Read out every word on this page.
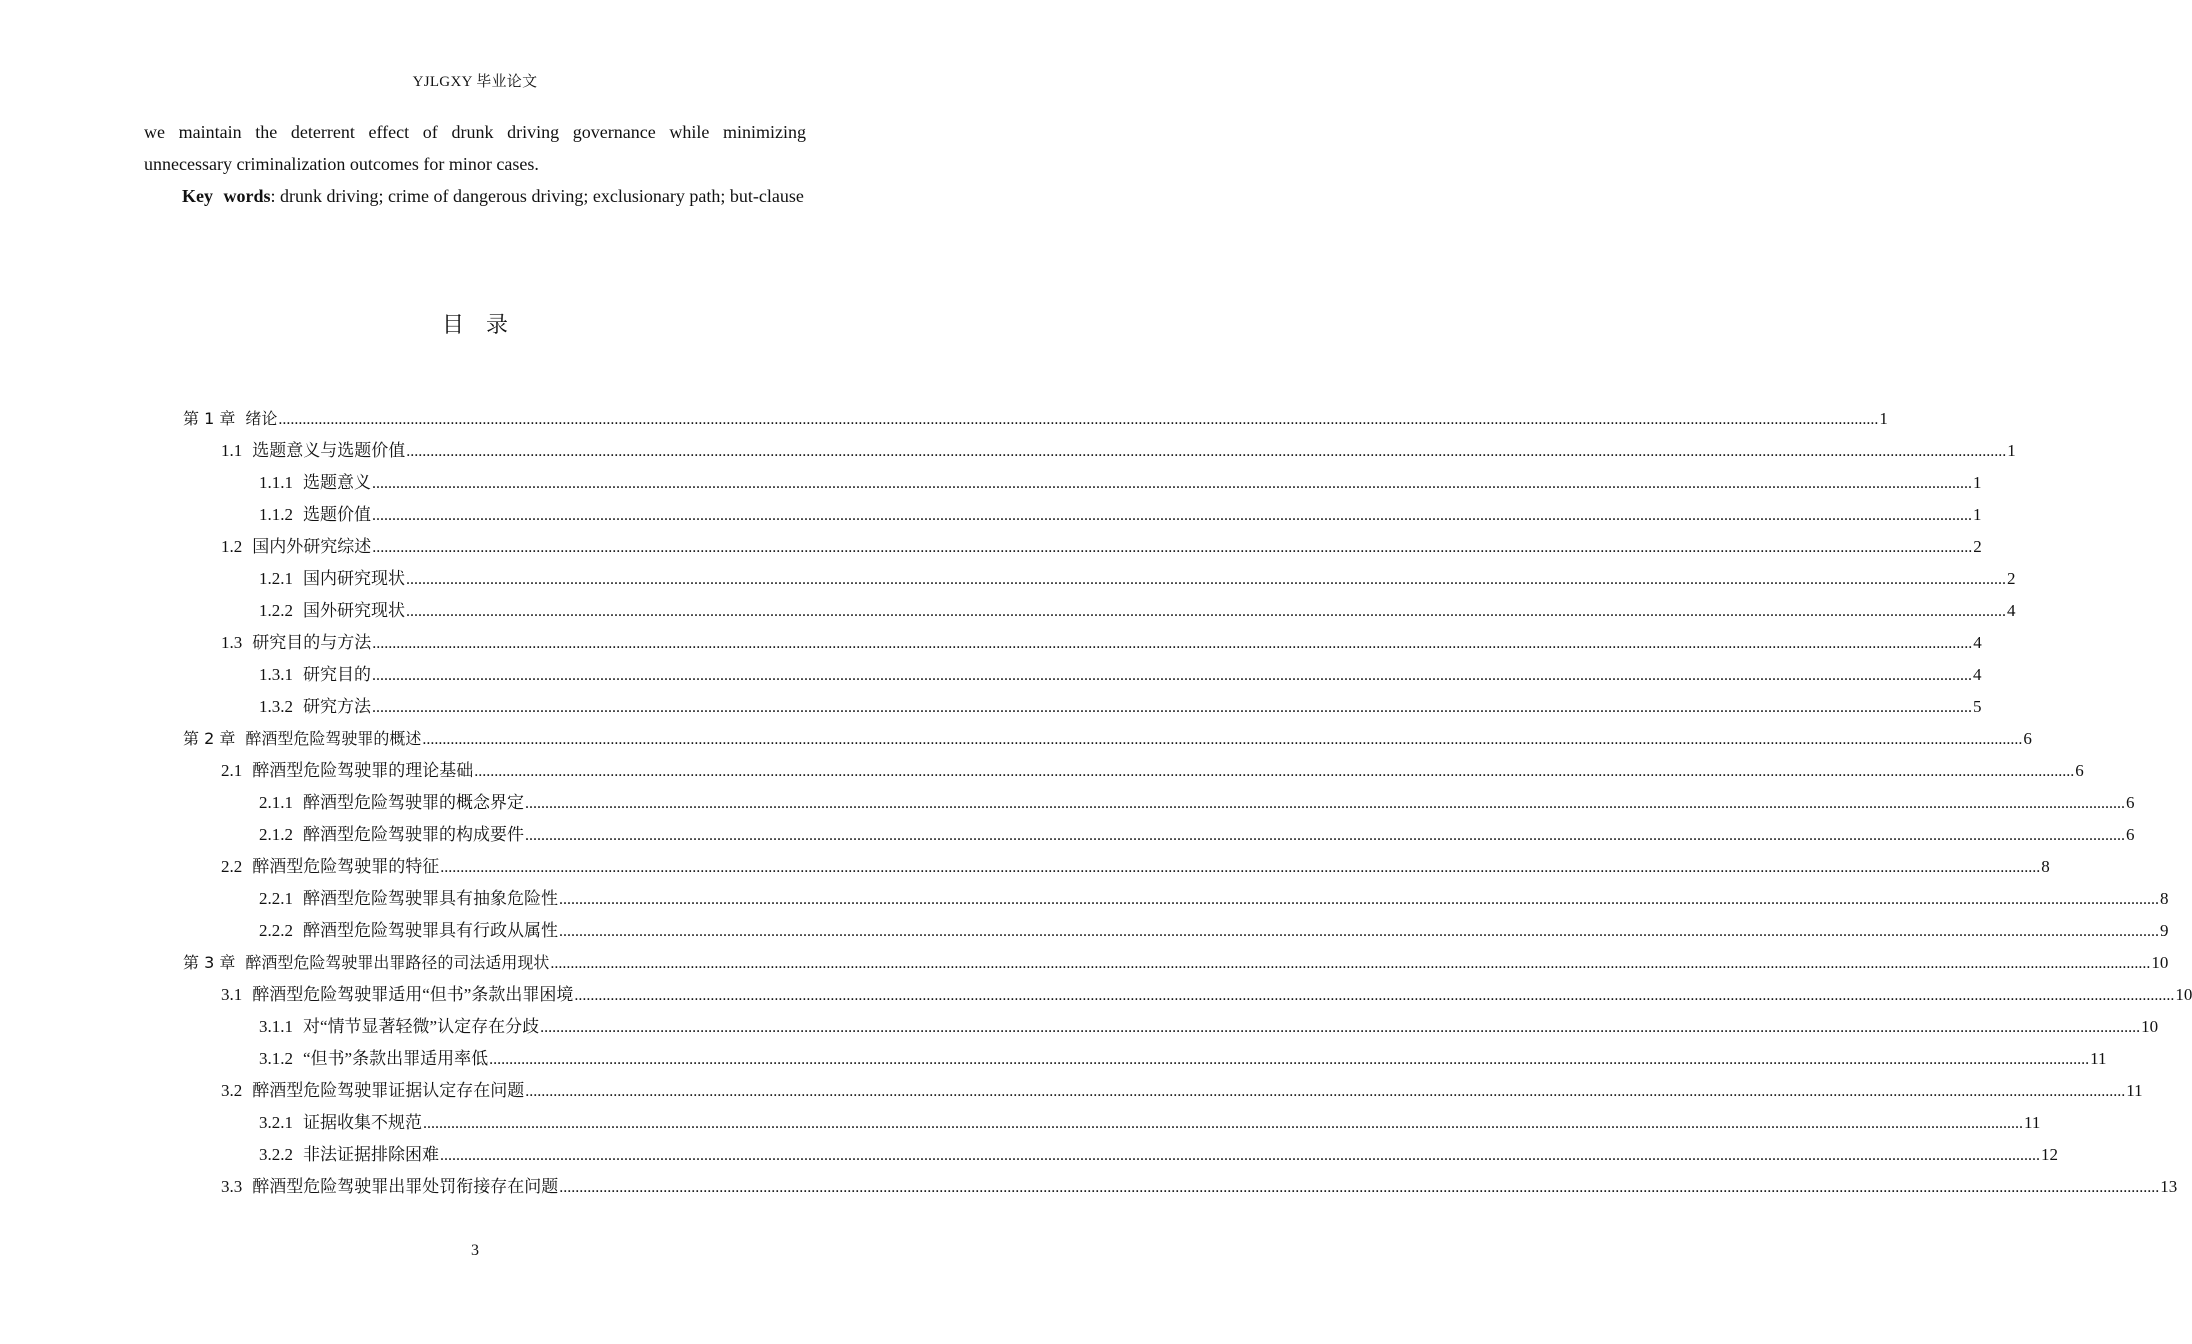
YJLGXY 毕业论文

we maintain the deterrent effect of drunk driving governance while minimizing unnecessary criminalization outcomes for minor cases.

Key words: drunk driving; crime of dangerous driving; exclusionary path; but-clause

目录
第 1 章 绪论 ................................................................................................................................................................................................................................................................................................................................................................................................................ 1
1.1 选题意义与选题价值 ................................................................................................................................................................................................................................................................................................................................................................................................................ 1
1.1.1 选题意义 ................................................................................................................................................................................................................................................................................................................................................................................................................ 1
1.1.2 选题价值 ................................................................................................................................................................................................................................................................................................................................................................................................................ 1
1.2 国内外研究综述 ................................................................................................................................................................................................................................................................................................................................................................................................................ 2
1.2.1 国内研究现状 ................................................................................................................................................................................................................................................................................................................................................................................................................ 2
1.2.2 国外研究现状 ................................................................................................................................................................................................................................................................................................................................................................................................................ 4
1.3 研究目的与方法 ................................................................................................................................................................................................................................................................................................................................................................................................................ 4
1.3.1 研究目的 ................................................................................................................................................................................................................................................................................................................................................................................................................ 4
1.3.2 研究方法 ................................................................................................................................................................................................................................................................................................................................................................................................................ 5
第 2 章 醉酒型危险驾驶罪的概述 ................................................................................................................................................................................................................................................................................................................................................................................................................ 6
2.1 醉酒型危险驾驶罪的理论基础 ................................................................................................................................................................................................................................................................................................................................................................................................................ 6
2.1.1 醉酒型危险驾驶罪的概念界定 ................................................................................................................................................................................................................................................................................................................................................................................................................ 6
2.1.2 醉酒型危险驾驶罪的构成要件 ................................................................................................................................................................................................................................................................................................................................................................................................................ 6
2.2 醉酒型危险驾驶罪的特征 ................................................................................................................................................................................................................................................................................................................................................................................................................ 8
2.2.1 醉酒型危险驾驶罪具有抽象危险性 ................................................................................................................................................................................................................................................................................................................................................................................................................ 8
2.2.2 醉酒型危险驾驶罪具有行政从属性 ................................................................................................................................................................................................................................................................................................................................................................................................................ 9
第 3 章 醉酒型危险驾驶罪出罪路径的司法适用现状 ................................................................................................................................................................................................................................................................................................................................................................................................................ 10
3.1 醉酒型危险驾驶罪适用“但书”条款出罪困境 ................................................................................................................................................................................................................................................................................................................................................................................................................ 10
3.1.1 对“情节显著轻微”认定存在分歧 ................................................................................................................................................................................................................................................................................................................................................................................................................ 10
3.1.2 “但书”条款出罪适用率低 ................................................................................................................................................................................................................................................................................................................................................................................................................ 11
3.2 醉酒型危险驾驶罪证据认定存在问题 ................................................................................................................................................................................................................................................................................................................................................................................................................ 11
3.2.1 证据收集不规范 ................................................................................................................................................................................................................................................................................................................................................................................................................ 11
3.2.2 非法证据排除困难 ................................................................................................................................................................................................................................................................................................................................................................................................................ 12
3.3 醉酒型危险驾驶罪出罪处罚衔接存在问题 ................................................................................................................................................................................................................................................................................................................................................................................................................ 13
3
